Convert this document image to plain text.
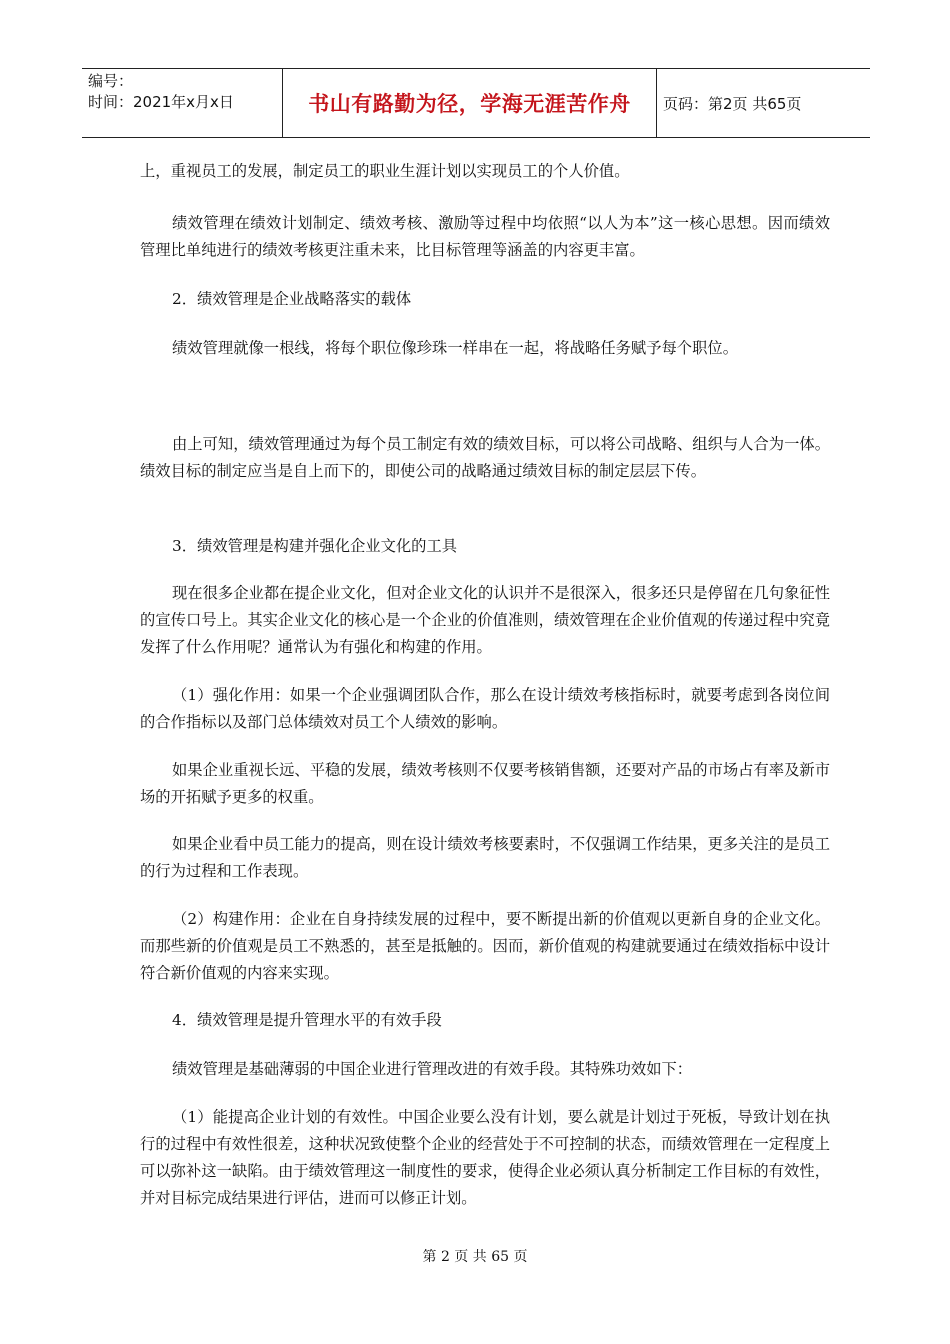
编号：
时间：2021年x月x日	书山有路勤为径，学海无涯苦作舟	页码： 第2页
共65页

上，重视员工的发展，制定员工的职业生涯计划以实现员工的个人价值。

绩效管理在绩效计划制定、绩效考核、激励等过程中均依照“以人为本”这一核心思想。因而绩效管理比单纯进行的绩效考核更注重未来，比目标管理等涵盖的内容更丰富。

2．绩效管理是企业战略落实的载体

绩效管理就像一根线，将每个职位像珍珠一样串在一起，将战略任务赋予每个职位。

由上可知，绩效管理通过为每个员工制定有效的绩效目标，可以将公司战略、组织与人合为一体。绩效目标的制定应当是自上而下的，即使公司的战略通过绩效目标的制定层层下传。

3．绩效管理是构建并强化企业文化的工具

现在很多企业都在提企业文化，但对企业文化的认识并不是很深入，很多还只是停留在几句象征性的宣传口号上。其实企业文化的核心是一个企业的价值准则，绩效管理在企业价值观的传递过程中究竟发挥了什么作用呢？通常认为有强化和构建的作用。

（1）强化作用：如果一个企业强调团队合作，那么在设计绩效考核指标时，就要考虑到各岗位间的合作指标以及部门总体绩效对员工个人绩效的影响。

如果企业重视长远、平稳的发展，绩效考核则不仅要考核销售额，还要对产品的市场占有率及新市场的开拓赋予更多的权重。

如果企业看中员工能力的提高，则在设计绩效考核要素时，不仅强调工作结果，更多关注的是员工的行为过程和工作表现。

（2）构建作用：企业在自身持续发展的过程中，要不断提出新的价值观以更新自身的企业文化。而那些新的价值观是员工不熟悉的，甚至是抵触的。因而，新价值观的构建就要通过在绩效指标中设计符合新价值观的内容来实现。

4．绩效管理是提升管理水平的有效手段

绩效管理是基础薄弱的中国企业进行管理改进的有效手段。其特殊功效如下：

（1）能提高企业计划的有效性。中国企业要么没有计划，要么就是计划过于死板，导致计划在执行的过程中有效性很差，这种状况致使整个企业的经营处于不可控制的状态，而绩效管理在一定程度上可以弥补这一缺陷。由于绩效管理这一制度性的要求，使得企业必须认真分析制定工作目标的有效性，并对目标完成结果进行评估，进而可以修正计划。

第 2 页 共 65 页
